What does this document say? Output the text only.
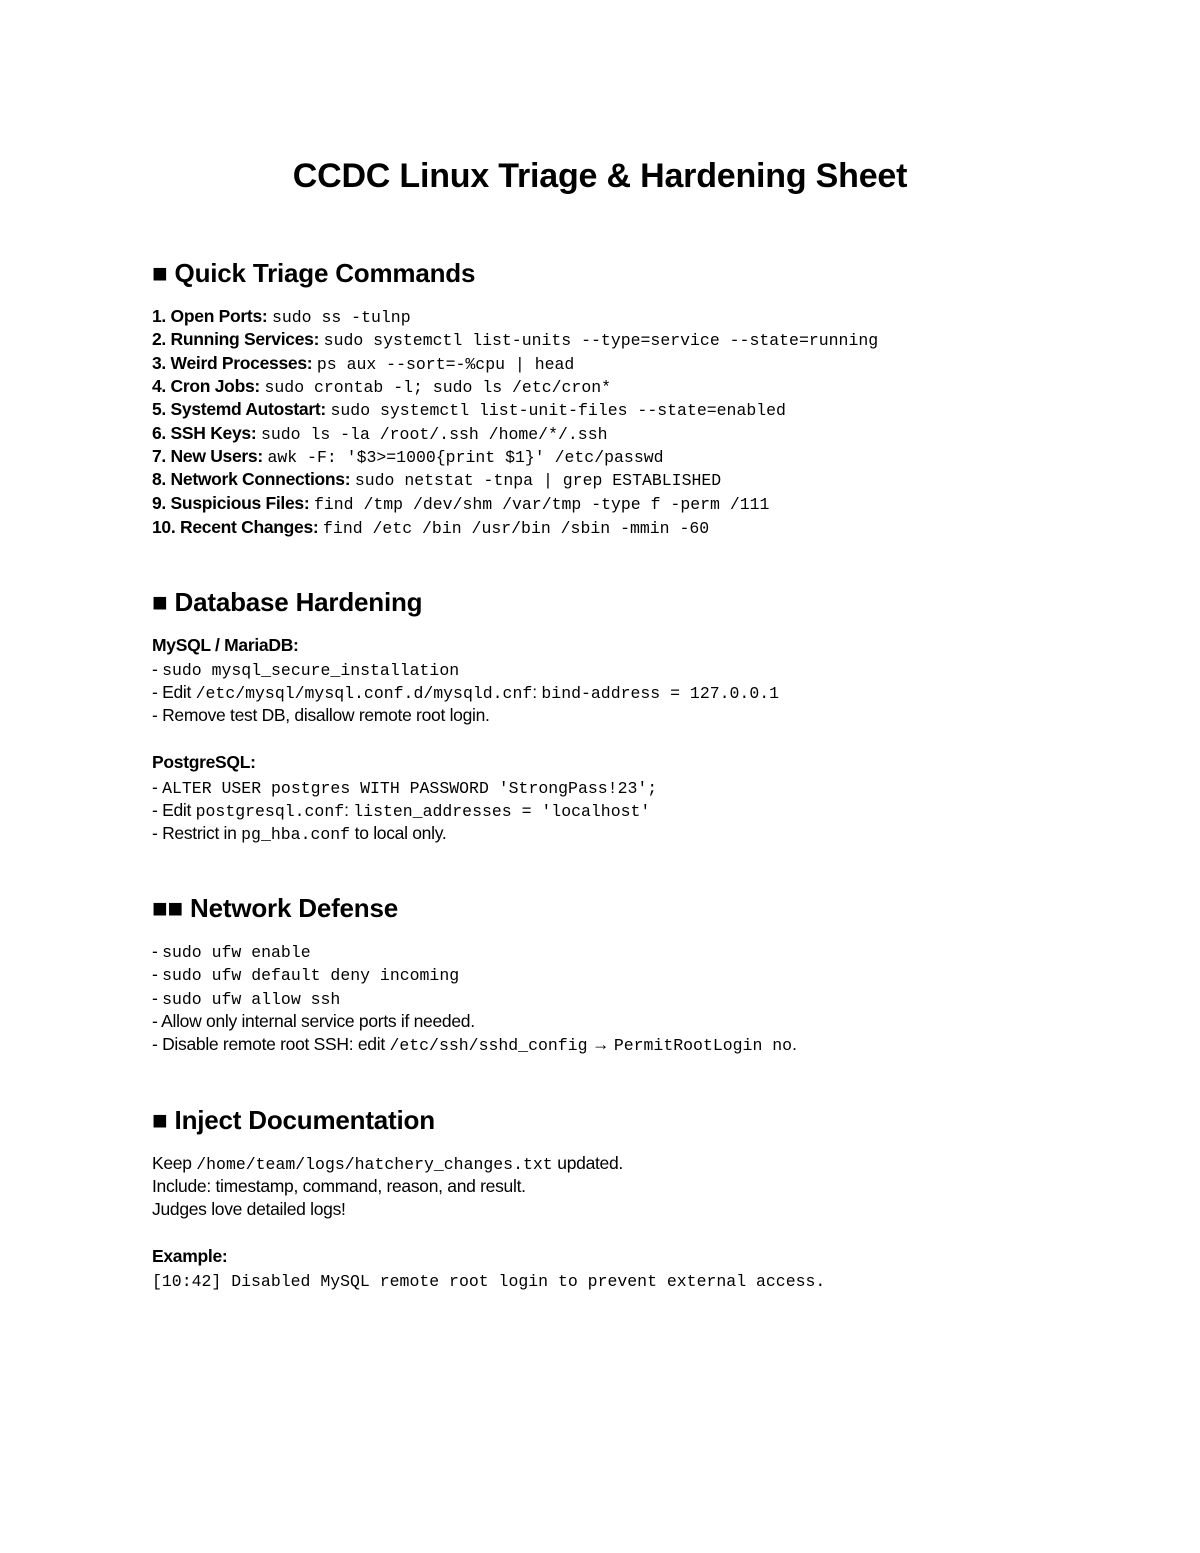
CCDC Linux Triage & Hardening Sheet
■ Quick Triage Commands
1. Open Ports: sudo ss -tulnp
2. Running Services: sudo systemctl list-units --type=service --state=running
3. Weird Processes: ps aux --sort=-%cpu | head
4. Cron Jobs: sudo crontab -l; sudo ls /etc/cron*
5. Systemd Autostart: sudo systemctl list-unit-files --state=enabled
6. SSH Keys: sudo ls -la /root/.ssh /home/*/.ssh
7. New Users: awk -F: '$3>=1000{print $1}' /etc/passwd
8. Network Connections: sudo netstat -tnpa | grep ESTABLISHED
9. Suspicious Files: find /tmp /dev/shm /var/tmp -type f -perm /111
10. Recent Changes: find /etc /bin /usr/bin /sbin -mmin -60
■ Database Hardening
MySQL / MariaDB:
- sudo mysql_secure_installation
- Edit /etc/mysql/mysql.conf.d/mysqld.cnf: bind-address = 127.0.0.1
- Remove test DB, disallow remote root login.
PostgreSQL:
- ALTER USER postgres WITH PASSWORD 'StrongPass!23';
- Edit postgresql.conf: listen_addresses = 'localhost'
- Restrict in pg_hba.conf to local only.
■■ Network Defense
- sudo ufw enable
- sudo ufw default deny incoming
- sudo ufw allow ssh
- Allow only internal service ports if needed.
- Disable remote root SSH: edit /etc/ssh/sshd_config → PermitRootLogin no.
■ Inject Documentation
Keep /home/team/logs/hatchery_changes.txt updated.
Include: timestamp, command, reason, and result.
Judges love detailed logs!
Example:
[10:42] Disabled MySQL remote root login to prevent external access.
